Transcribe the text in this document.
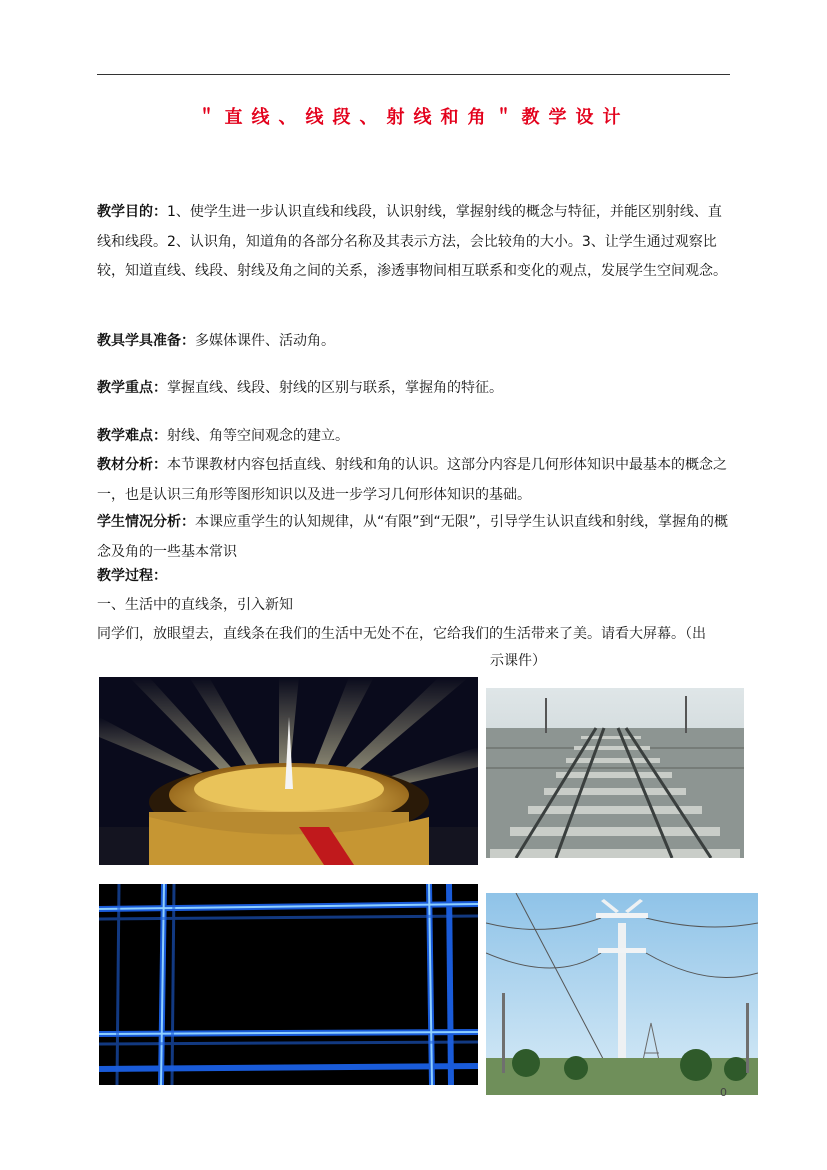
＂直线、线段、射线和角＂教学设计
教学目的：1、使学生进一步认识直线和线段，认识射线，掌握射线的概念与特征，并能区别射线、直线和线段。2、认识角，知道角的各部分名称及其表示方法，会比较角的大小。3、让学生通过观察比较，知道直线、线段、射线及角之间的关系，渗透事物间相互联系和变化的观点，发展学生空间观念。
教具学具准备：多媒体课件、活动角。
教学重点：掌握直线、线段、射线的区别与联系，掌握角的特征。
教学难点：射线、角等空间观念的建立。
教材分析：本节课教材内容包括直线、射线和角的认识。这部分内容是几何形体知识中最基本的概念之一，也是认识三角形等图形知识以及进一步学习几何形体知识的基础。
学生情况分析：本课应重学生的认知规律，从“有限”到“无限”，引导学生认识直线和射线，掌握角的概念及角的一些基本常识
教学过程：
一、生活中的直线条，引入新知
同学们，放眼望去，直线条在我们的生活中无处不在，它给我们的生活带来了美。请看大屏幕。（出
示课件）
0
